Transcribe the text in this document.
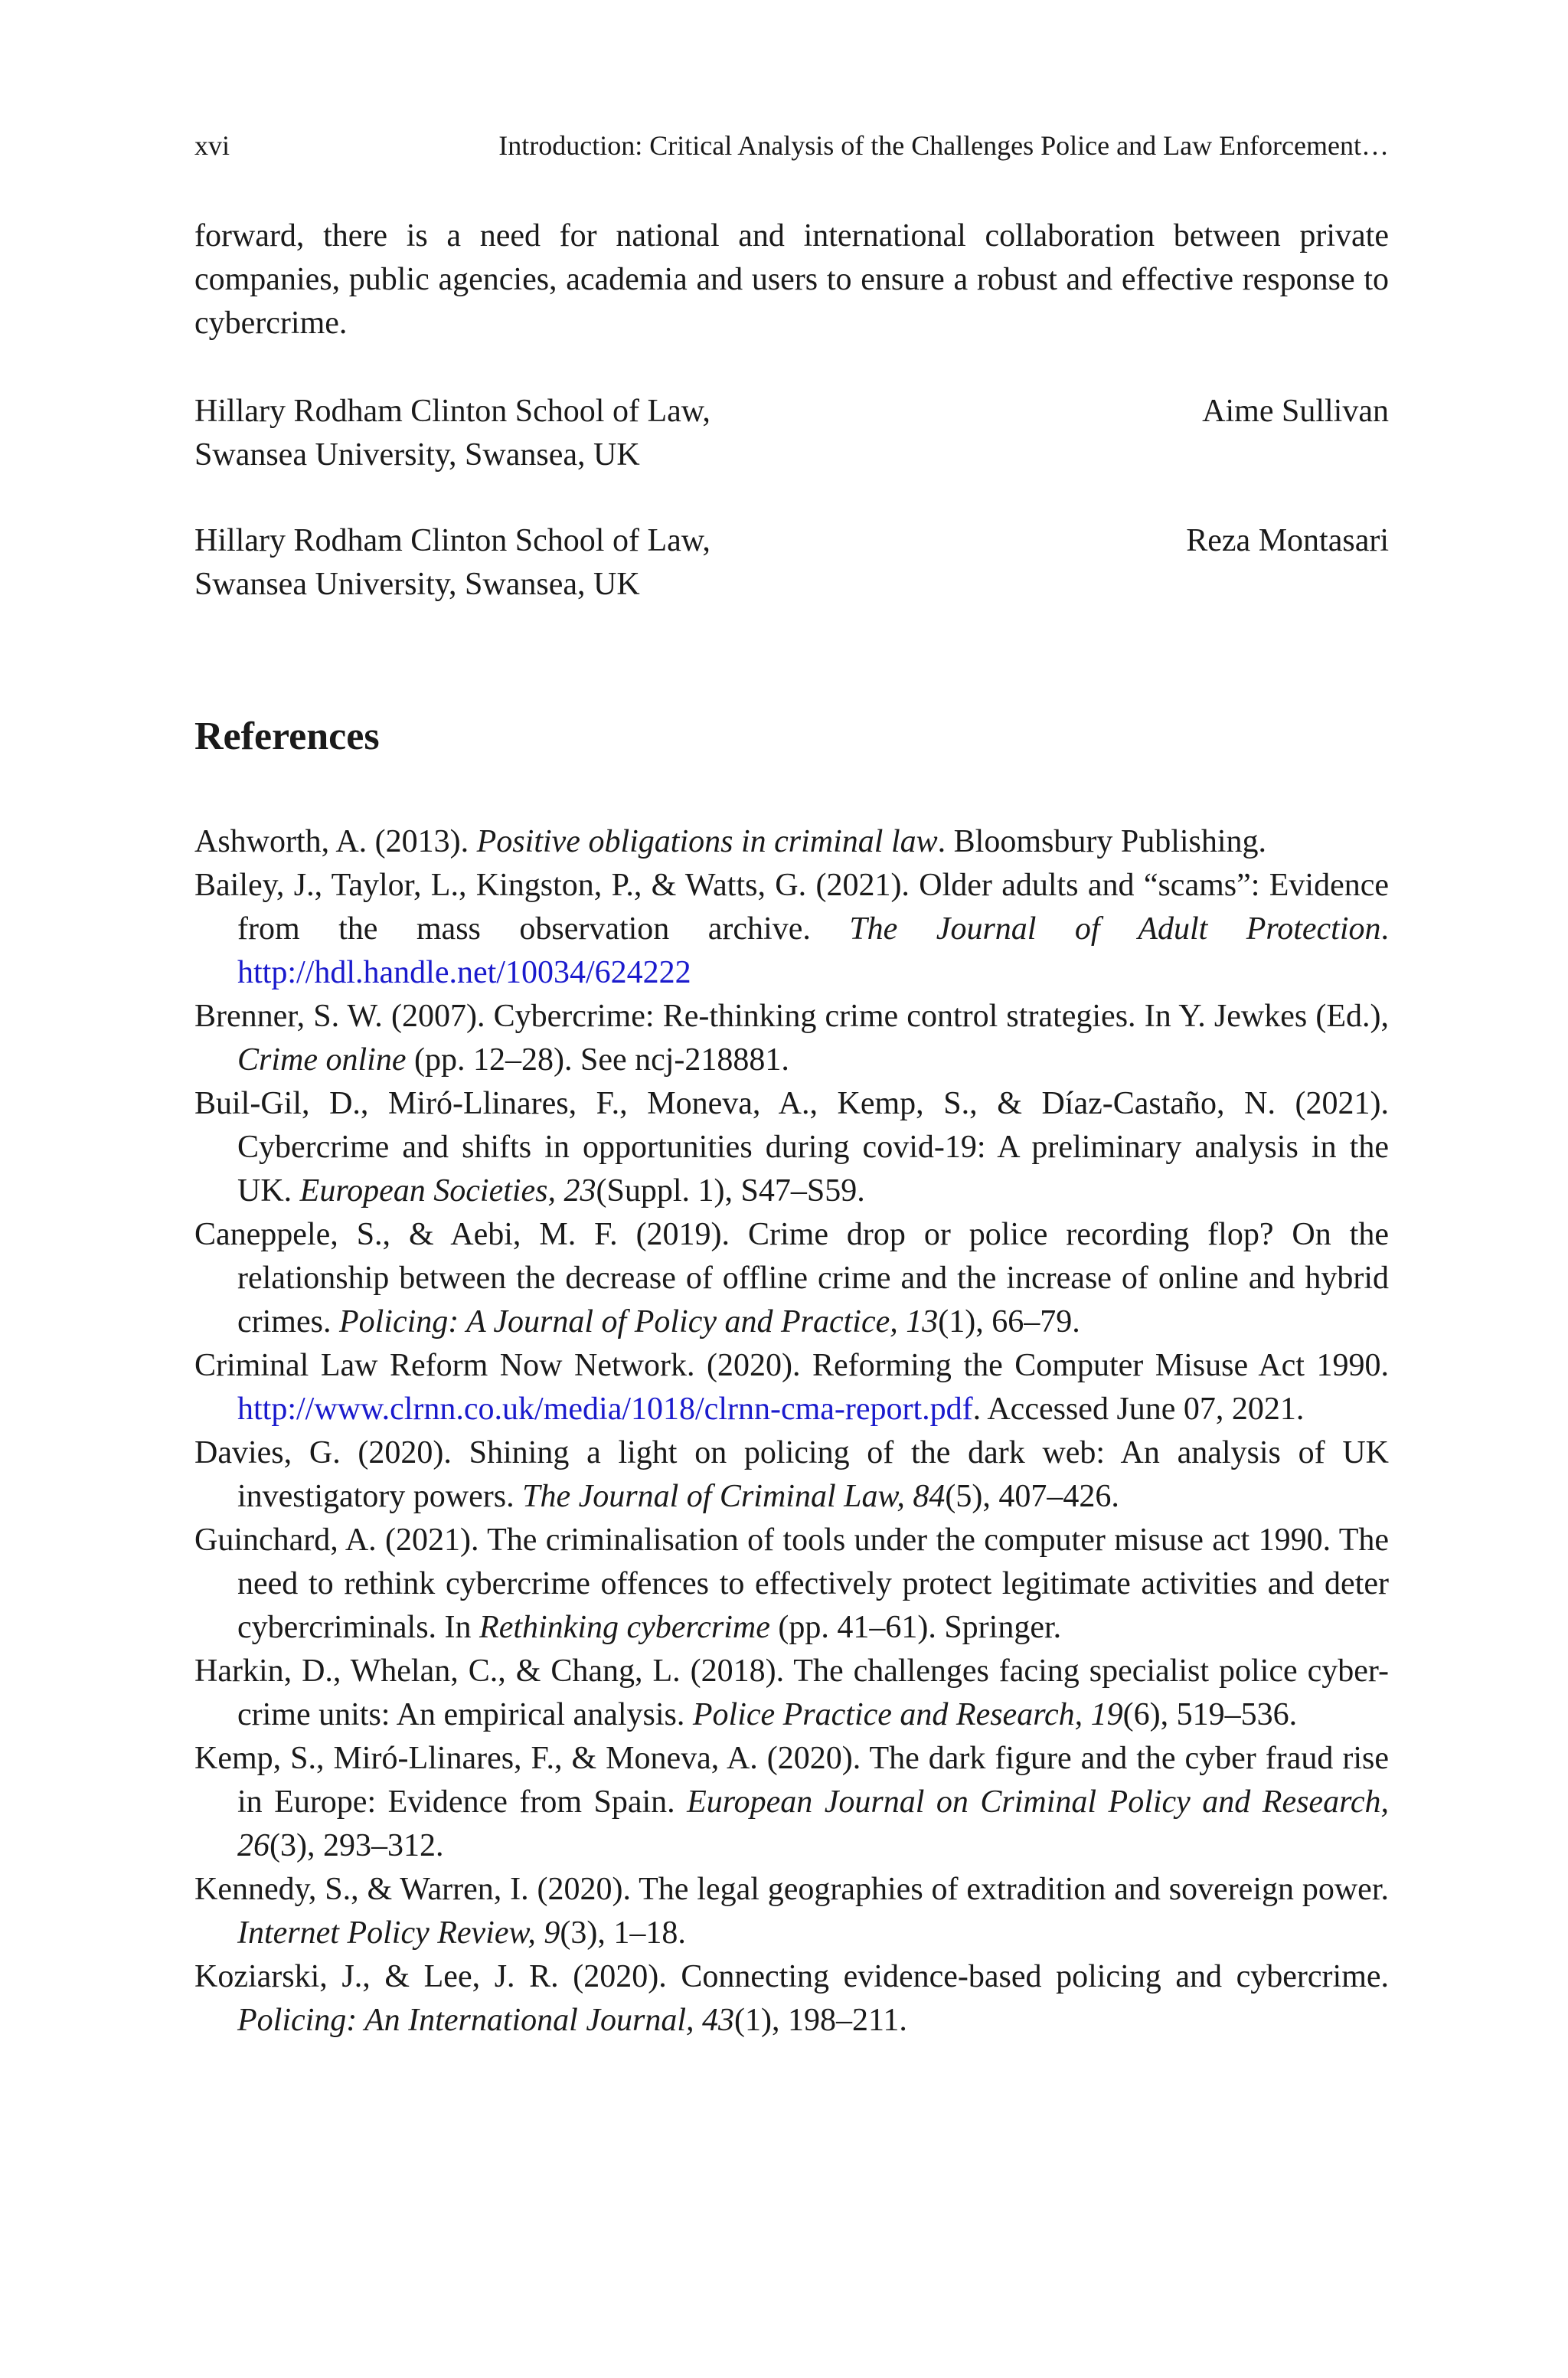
xvi	Introduction: Critical Analysis of the Challenges Police and Law Enforcement…

forward, there is a need for national and international collaboration between private companies, public agencies, academia and users to ensure a robust and effective response to cybercrime.

Hillary Rodham Clinton School of Law,
Swansea University, Swansea, UK
Aime Sullivan
Hillary Rodham Clinton School of Law,
Swansea University, Swansea, UK
Reza Montasari
References
Ashworth, A. (2013). Positive obligations in criminal law. Bloomsbury Publishing.
Bailey, J., Taylor, L., Kingston, P., & Watts, G. (2021). Older adults and “scams”: Evidence from the mass observation archive. The Journal of Adult Protection. http://hdl.handle.net/10034/624222
Brenner, S. W. (2007). Cybercrime: Re-thinking crime control strategies. In Y. Jewkes (Ed.), Crime online (pp. 12–28). See ncj-218881.
Buil-Gil, D., Miró-Llinares, F., Moneva, A., Kemp, S., & Díaz-Castaño, N. (2021). Cybercrime and shifts in opportunities during covid-19: A preliminary analysis in the UK. European Societies, 23(Suppl. 1), S47–S59.
Caneppele, S., & Aebi, M. F. (2019). Crime drop or police recording flop? On the relationship between the decrease of offline crime and the increase of online and hybrid crimes. Policing: A Journal of Policy and Practice, 13(1), 66–79.
Criminal Law Reform Now Network. (2020). Reforming the Computer Misuse Act 1990. http://www.clrnn.co.uk/media/1018/clrnn-cma-report.pdf. Accessed June 07, 2021.
Davies, G. (2020). Shining a light on policing of the dark web: An analysis of UK investigatory powers. The Journal of Criminal Law, 84(5), 407–426.
Guinchard, A. (2021). The criminalisation of tools under the computer misuse act 1990. The need to rethink cybercrime offences to effectively protect legitimate activities and deter cybercriminals. In Rethinking cybercrime (pp. 41–61). Springer.
Harkin, D., Whelan, C., & Chang, L. (2018). The challenges facing specialist police cyber-crime units: An empirical analysis. Police Practice and Research, 19(6), 519–536.
Kemp, S., Miró-Llinares, F., & Moneva, A. (2020). The dark figure and the cyber fraud rise in Europe: Evidence from Spain. European Journal on Criminal Policy and Research, 26(3), 293–312.
Kennedy, S., & Warren, I. (2020). The legal geographies of extradition and sovereign power. Internet Policy Review, 9(3), 1–18.
Koziarski, J., & Lee, J. R. (2020). Connecting evidence-based policing and cybercrime. Policing: An International Journal, 43(1), 198–211.
